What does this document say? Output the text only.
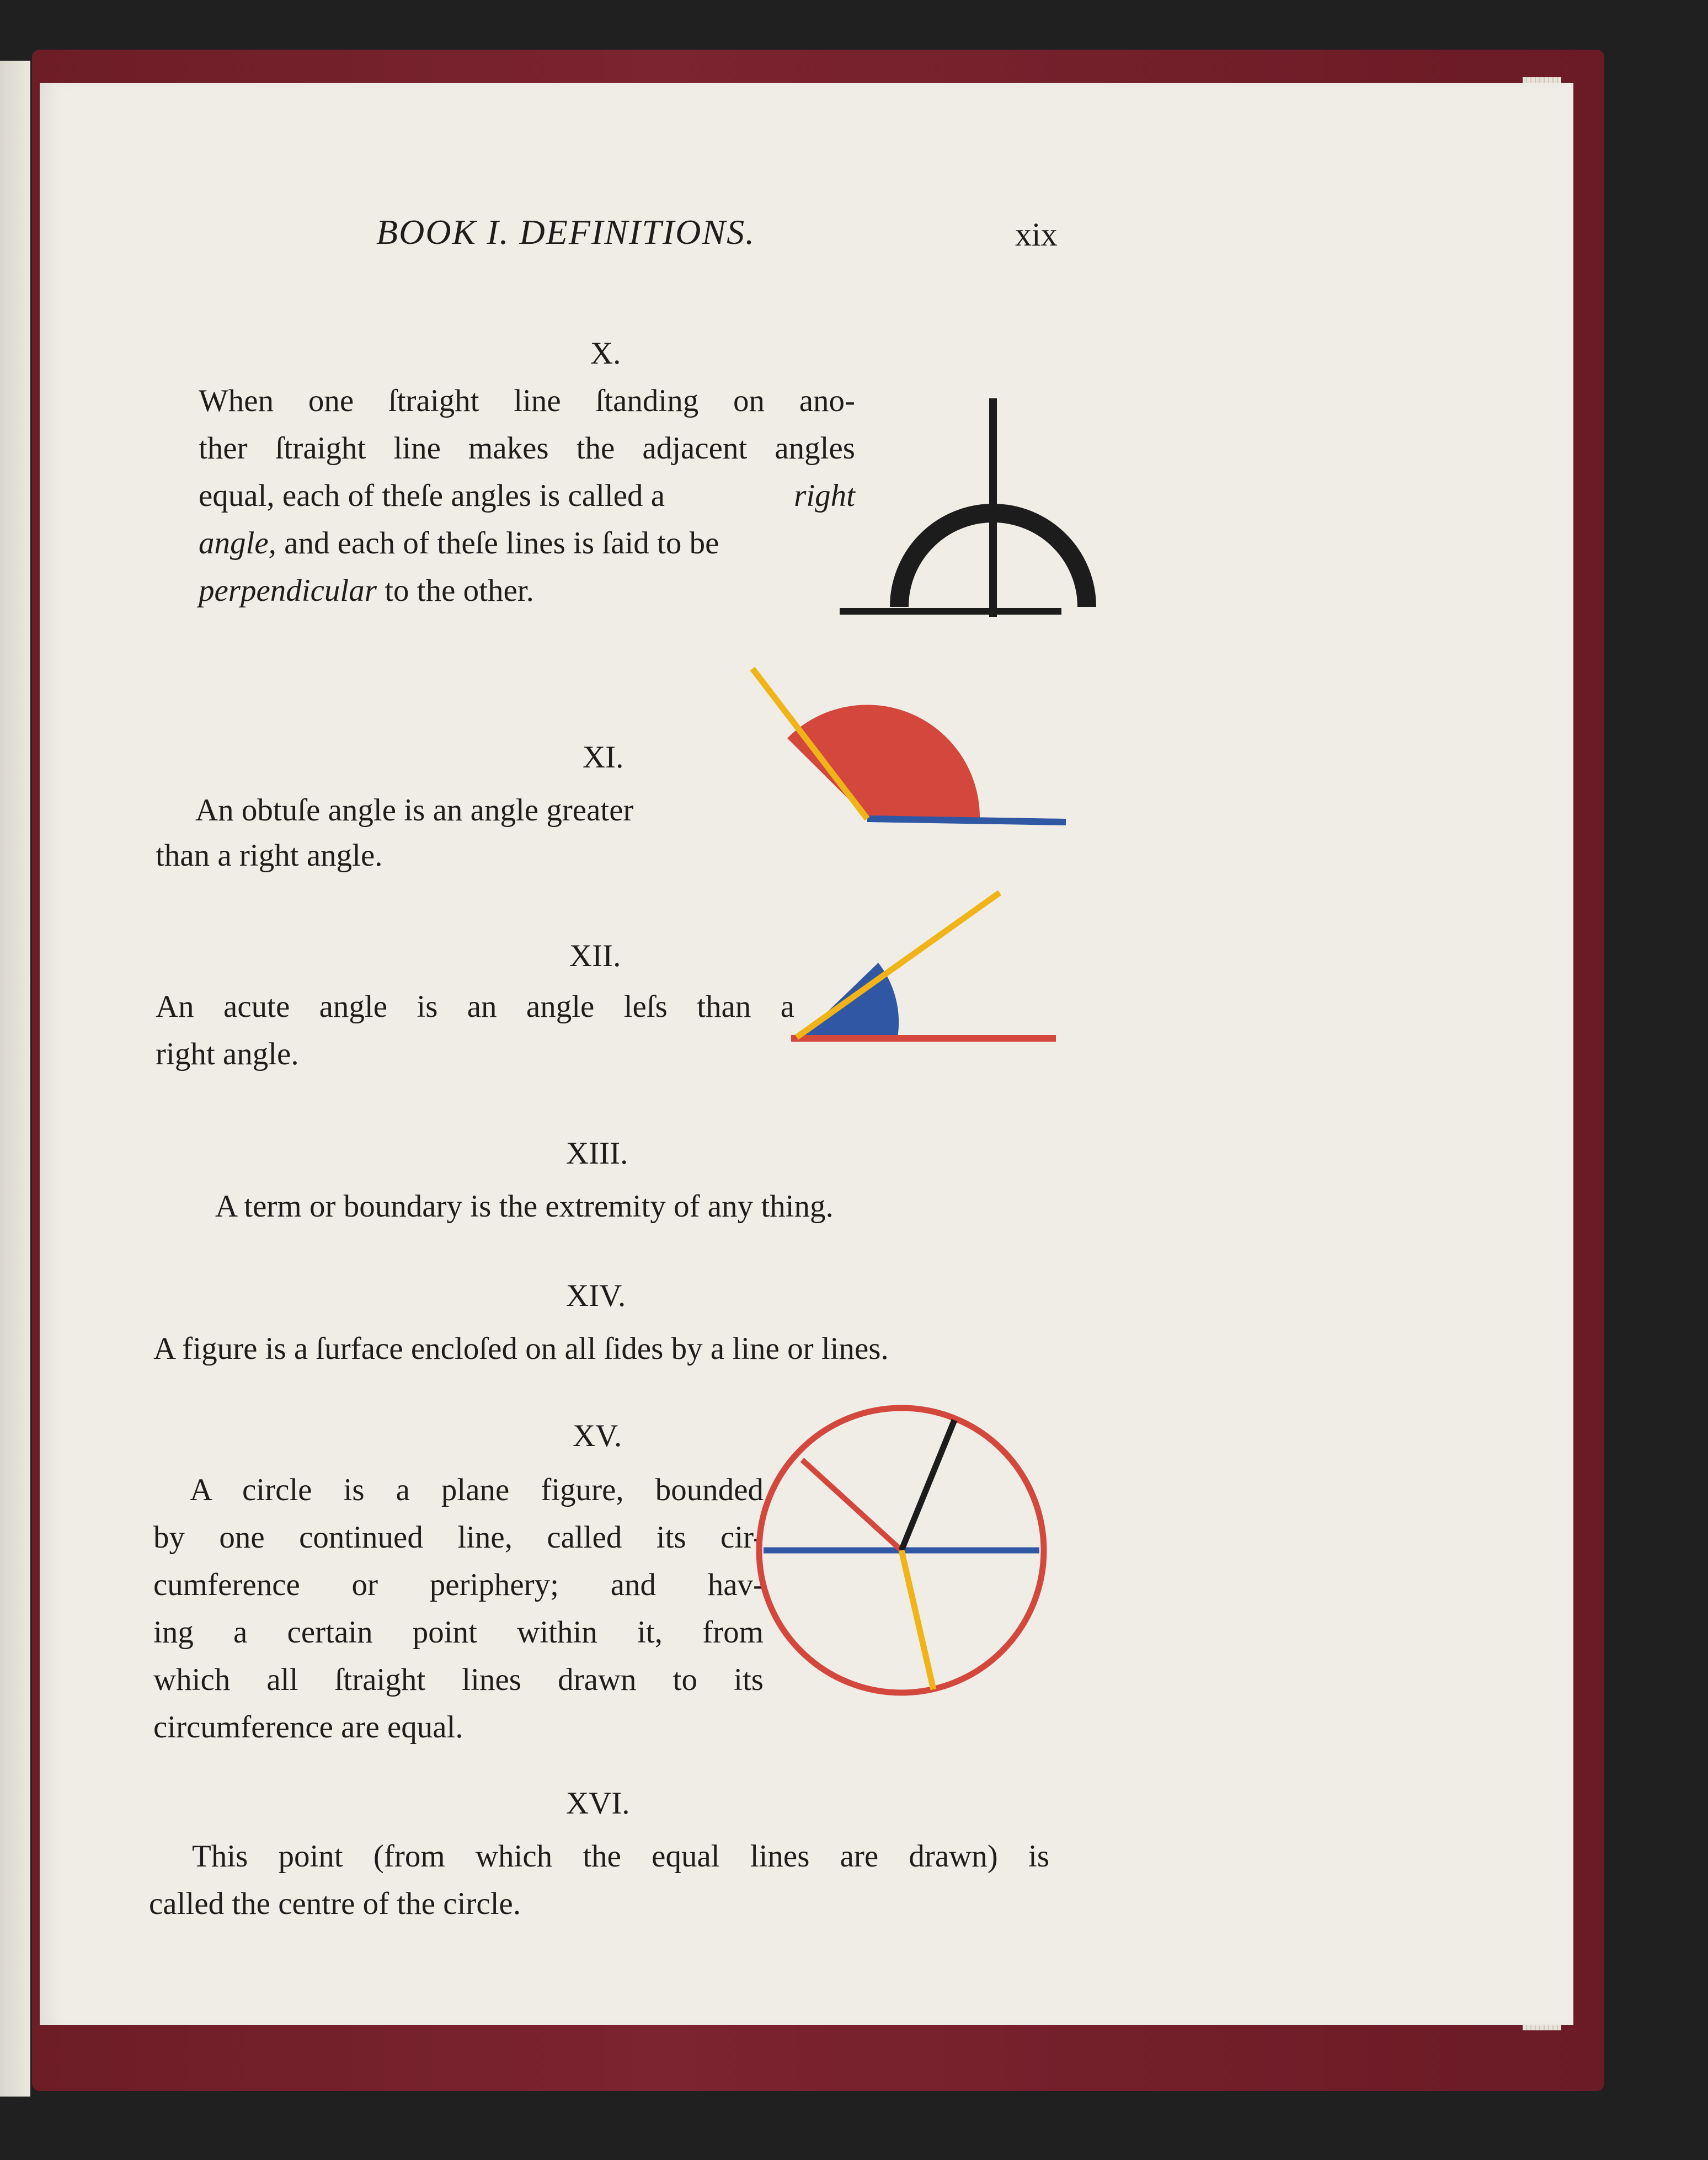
BOOK I. DEFINITIONS.	xix

X.

When one ſtraight line ſtanding on ano-

ther ſtraight line makes the adjacent angles

equal, each of theſe angles is called a	right

angle, and each of theſe lines is ſaid to be

perpendicular to the other.

XI.

An obtuſe angle is an angle greater

than a right angle.

XII.

An acute angle is an angle leſs than a

right angle.

XIII.

A term or boundary is the extremity of any thing.

XIV.

A figure is a ſurface encloſed on all ſides by a line or lines.

XV.

A circle is a plane figure, bounded

by one continued line, called its cir-

cumference or periphery; and hav-

ing a certain point within it, from

which all ſtraight lines drawn to its

circumference are equal.

XVI.

This point (from which the equal lines are drawn) is

called the centre of the circle.
